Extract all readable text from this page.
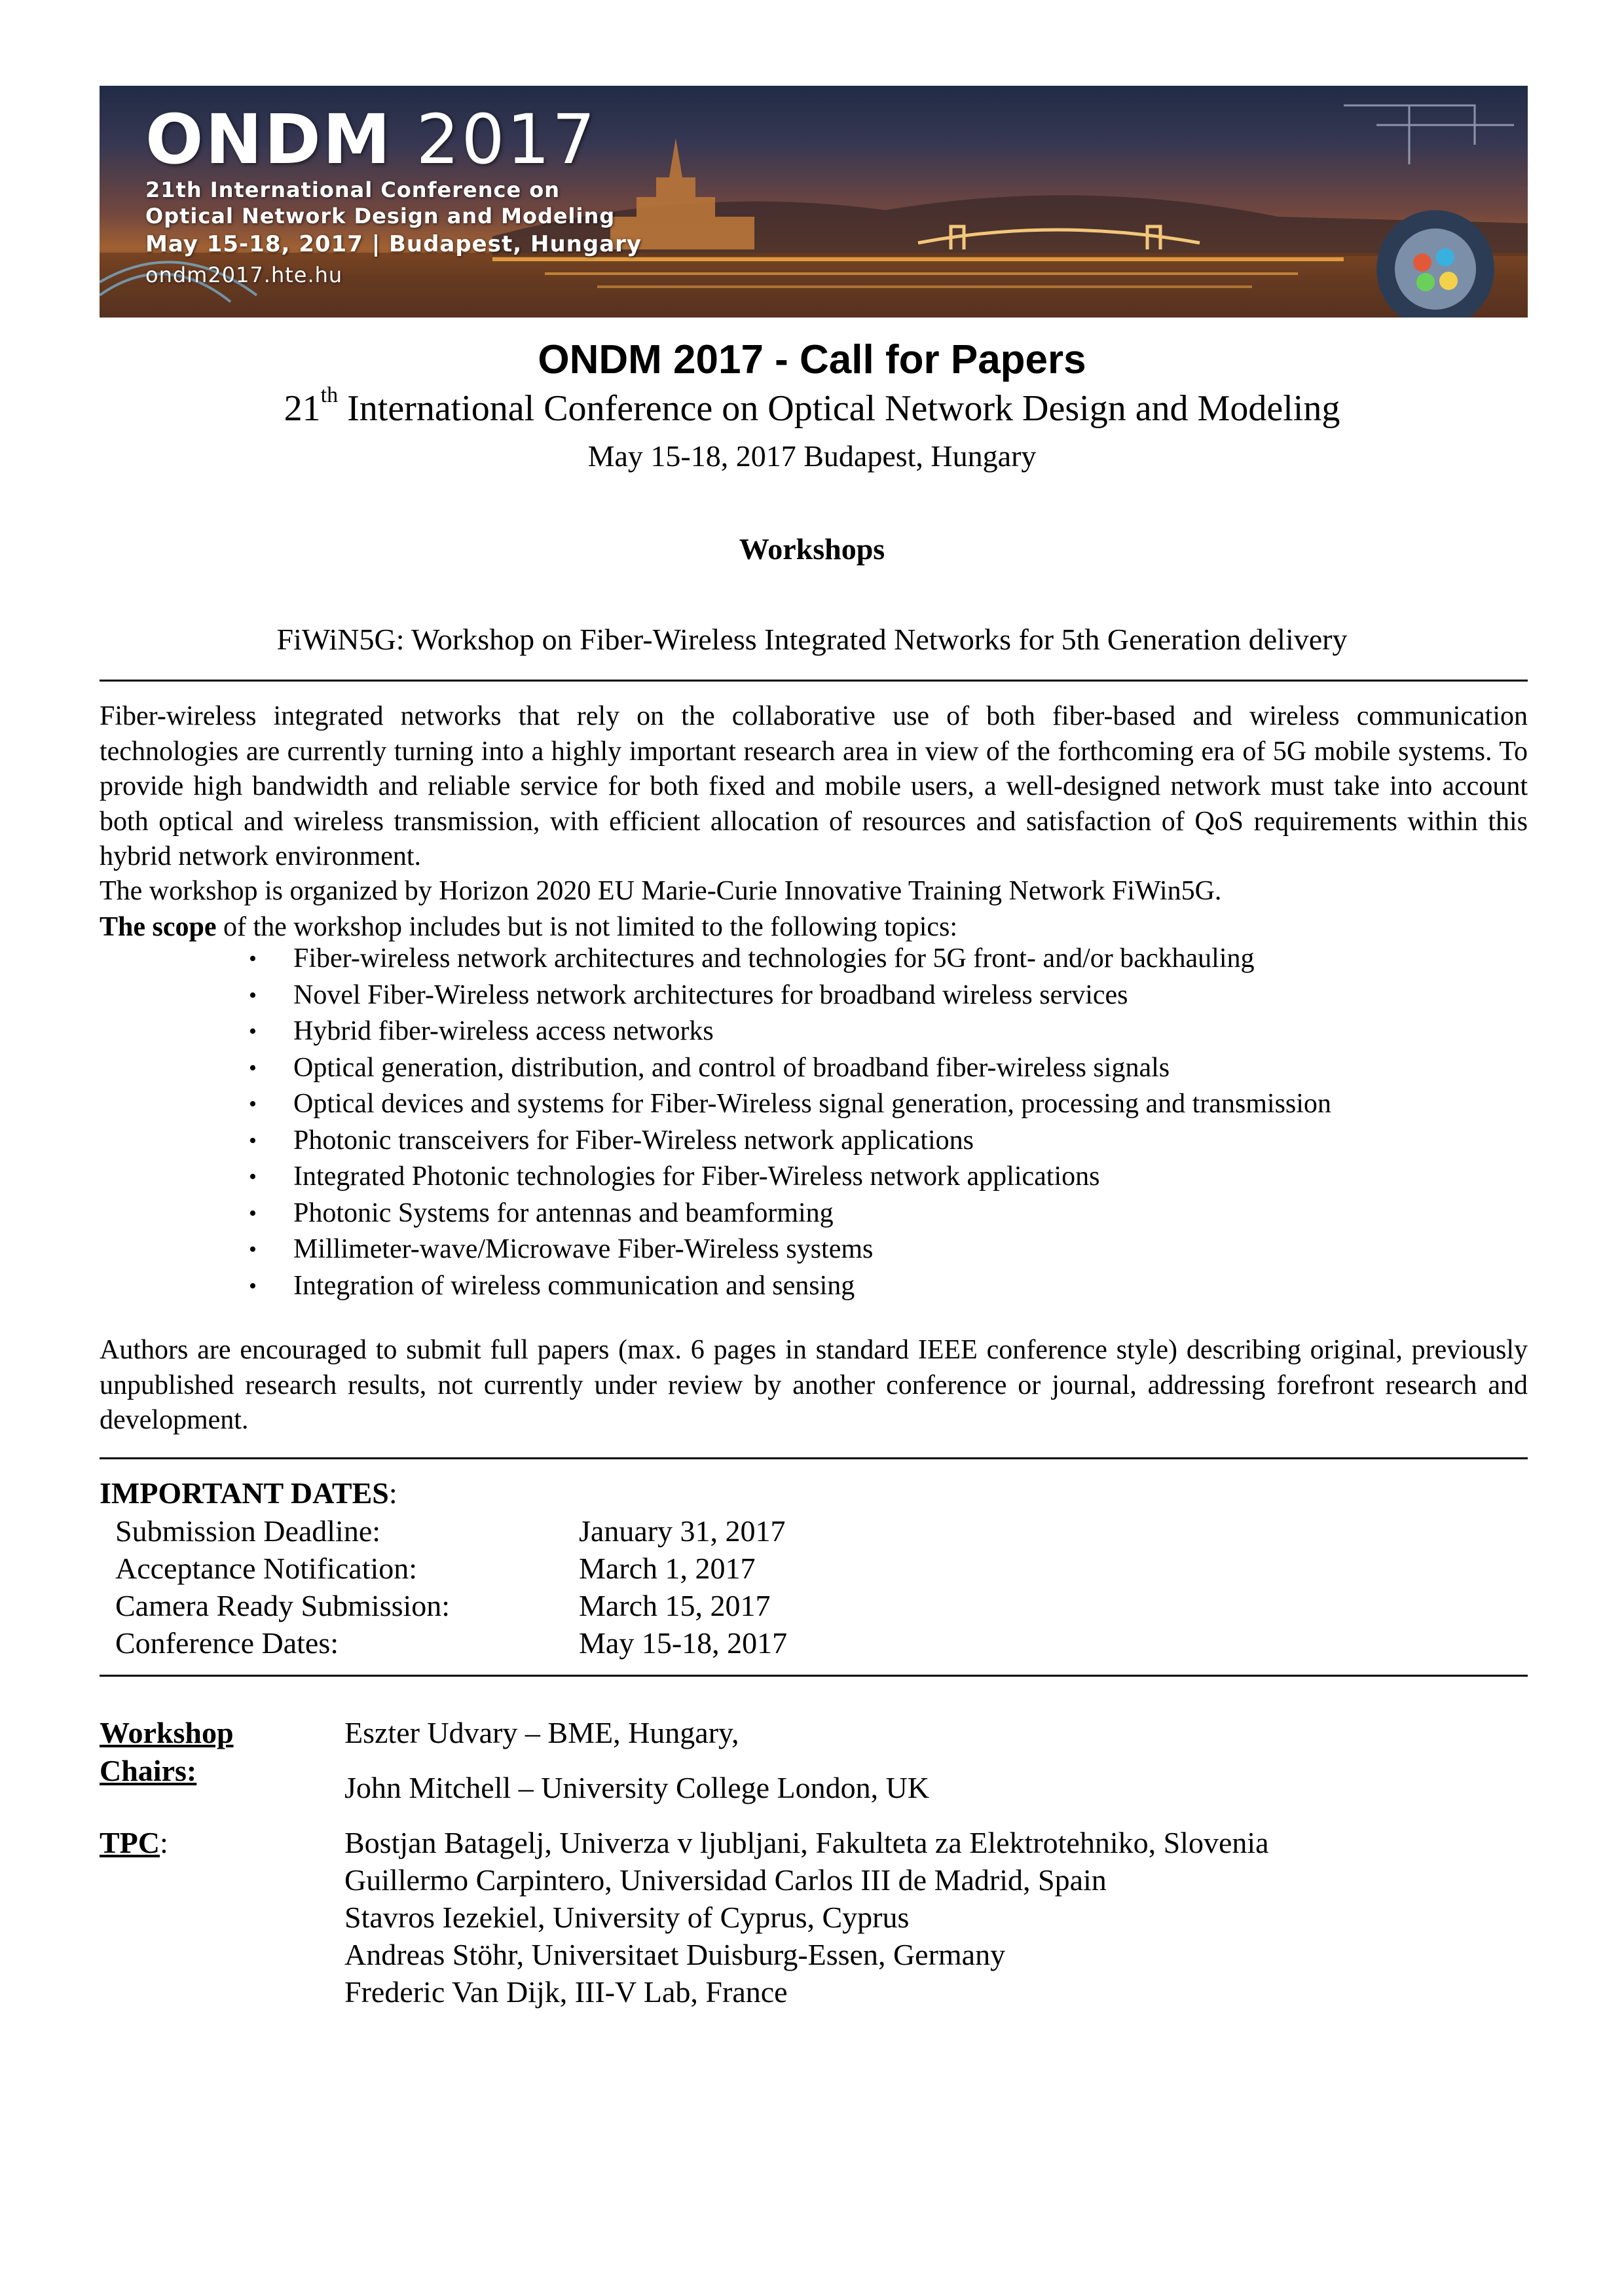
ONDM 2017
21th International Conference on
Optical Network Design and Modeling
May 15-18, 2017 | Budapest, Hungary
ondm2017.hte.hu
ONDM 2017 - Call for Papers
21th International Conference on Optical Network Design and Modeling
May 15-18, 2017 Budapest, Hungary
Workshops
FiWiN5G: Workshop on Fiber-Wireless Integrated Networks for 5th Generation delivery
Fiber-wireless integrated networks that rely on the collaborative use of both fiber-based and wireless communication technologies are currently turning into a highly important research area in view of the forthcoming era of 5G mobile systems. To provide high bandwidth and reliable service for both fixed and mobile users, a well-designed network must take into account both optical and wireless transmission, with efficient allocation of resources and satisfaction of QoS requirements within this hybrid network environment.
The workshop is organized by Horizon 2020 EU Marie-Curie Innovative Training Network FiWin5G.
The scope of the workshop includes but is not limited to the following topics:
• Fiber-wireless network architectures and technologies for 5G front- and/or backhauling
• Novel Fiber-Wireless network architectures for broadband wireless services
• Hybrid fiber-wireless access networks
• Optical generation, distribution, and control of broadband fiber-wireless signals
• Optical devices and systems for Fiber-Wireless signal generation, processing and transmission
• Photonic transceivers for Fiber-Wireless network applications
• Integrated Photonic technologies for Fiber-Wireless network applications
• Photonic Systems for antennas and beamforming
• Millimeter-wave/Microwave Fiber-Wireless systems
• Integration of wireless communication and sensing
Authors are encouraged to submit full papers (max. 6 pages in standard IEEE conference style) describing original, previously unpublished research results, not currently under review by another conference or journal, addressing forefront research and development.
IMPORTANT DATES:
Submission Deadline:	January 31, 2017
Acceptance Notification:	March 1, 2017
Camera Ready Submission:	March 15, 2017
Conference Dates:	May 15-18, 2017
Workshop
Chairs:
Eszter Udvary – BME, Hungary,
John Mitchell – University College London, UK
TPC:	Bostjan Batagelj, Univerza v ljubljani, Fakulteta za Elektrotehniko, Slovenia
Guillermo Carpintero, Universidad Carlos III de Madrid, Spain
Stavros Iezekiel, University of Cyprus, Cyprus
Andreas Stöhr, Universitaet Duisburg-Essen, Germany
Frederic Van Dijk, III-V Lab, France
